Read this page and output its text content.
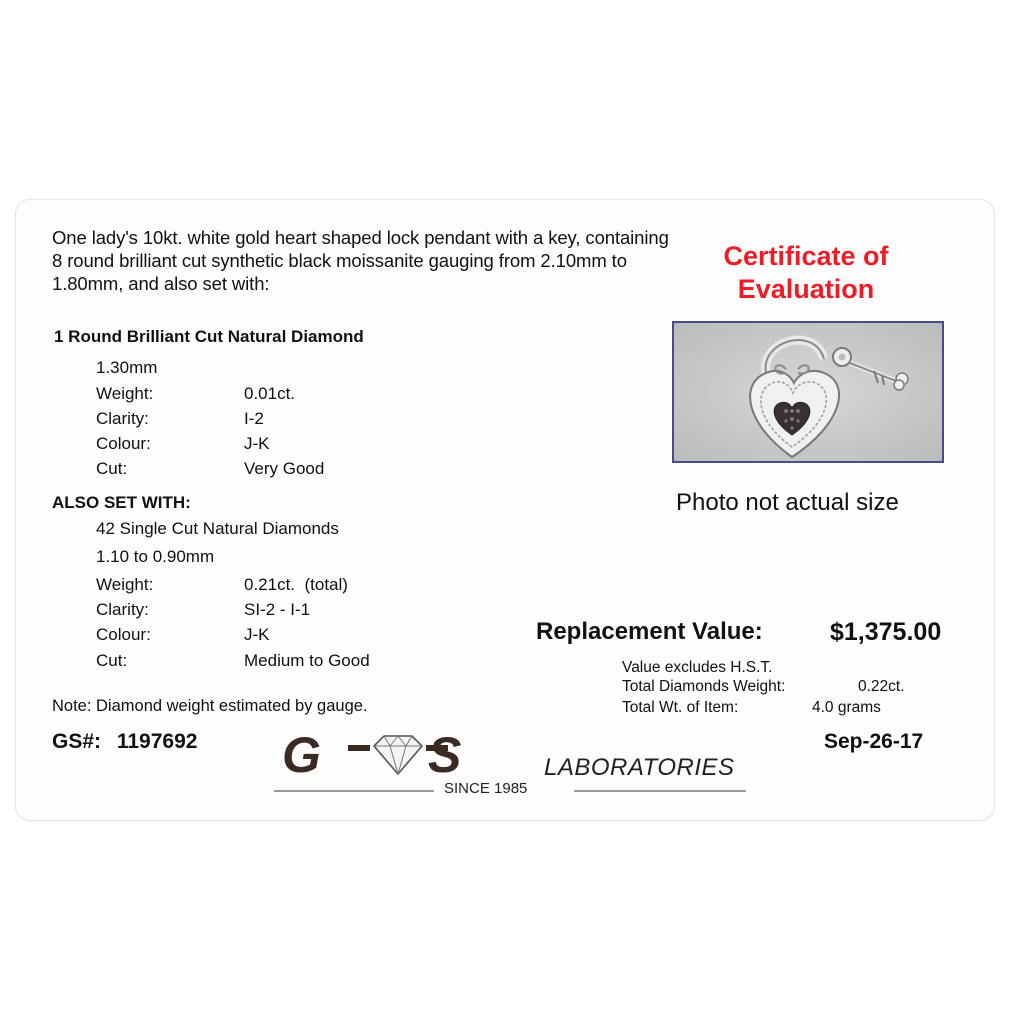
One lady's 10kt. white gold heart shaped lock pendant with a key, containing 8 round brilliant cut synthetic black moissanite gauging from 2.10mm to 1.80mm, and also set with:
Certificate of
Evaluation
1 Round Brilliant Cut Natural Diamond
1.30mm
Weight:	0.01ct.
Clarity:	I-2
Colour:	J-K
Cut:	Very Good
ALSO SET WITH:
42 Single Cut Natural Diamonds
1.10 to 0.90mm
Weight:	0.21ct.  (total)
Clarity:	SI-2 - I-1
Colour:	J-K
Cut:	Medium to Good
Photo not actual size
Replacement Value:	$1,375.00
Value excludes H.S.T.
Total Diamonds Weight:	0.22ct.
Total Wt. of Item:	4.0 grams
Note: Diamond weight estimated by gauge.
GS#: 1197692	Sep-26-17
G S	LABORATORIES
SINCE 1985
